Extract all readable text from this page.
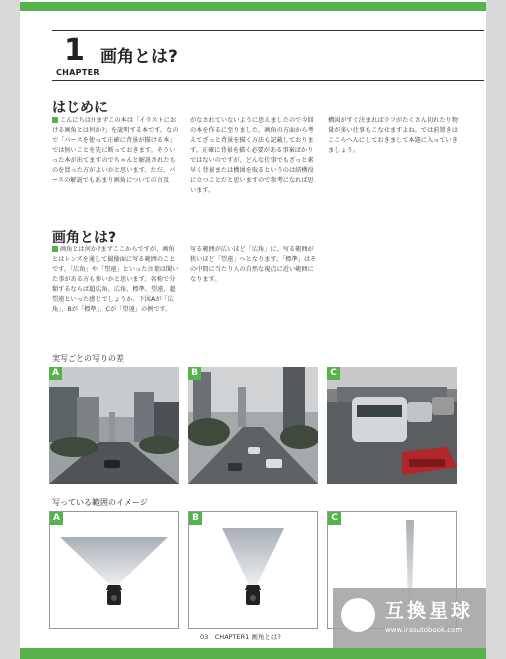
1 画角とは?
CHAPTER
はじめに

こんにちは!!まずこの本は「イラストにおける画角とは何か?」を説明する本です。なので「パースを使って正確に背景が描ける本」では無いことを先に断っておきます。そういった本が出てますのでちゃんと解説されたものを買った方がよいかと思います。ただ、パースの解説でもあまり画角についての言及

がなされていないように思えましたので今回の本を作るに至りました。画角の方面から考えてざっと背景を描く方法も記載しております。正確に背景を描く必要がある事案ばかりではないのですが、どんな仕事でもざっと素早く背景または構図を取るというのは結構役に立つことだと思いますので参考になれば思います。

構図がすぐ決まればラフがたくさん切れたり物量が多い仕事もこなせますよね。では前置きはここらへんにしておきまして本題に入っていきましょう。

画角とは?

画角とは何か?まずここからですが、画角とはレンズを通して撮像面に写る範囲のことです。「広角」や「望遠」といった言葉は聞いた事がある方も多いかと思います。名称で分類するならば超広角、広角、標準、望遠、超望遠といった感じでしょうか。下図Aが「広角」、Bが「標準」、Cが「望遠」の例です。

写る範囲が広いほど「広角」に、写る範囲が狭いほど「望遠」へとなります。「標準」はその中間に当たり人の自然な視点に近い範囲になります。

実写ごとの写りの差
A	B	C
写っている範囲のイメージ
A	B	C
03　CHAPTER1 画角とは?
互換星球
www.irasutobook.com
